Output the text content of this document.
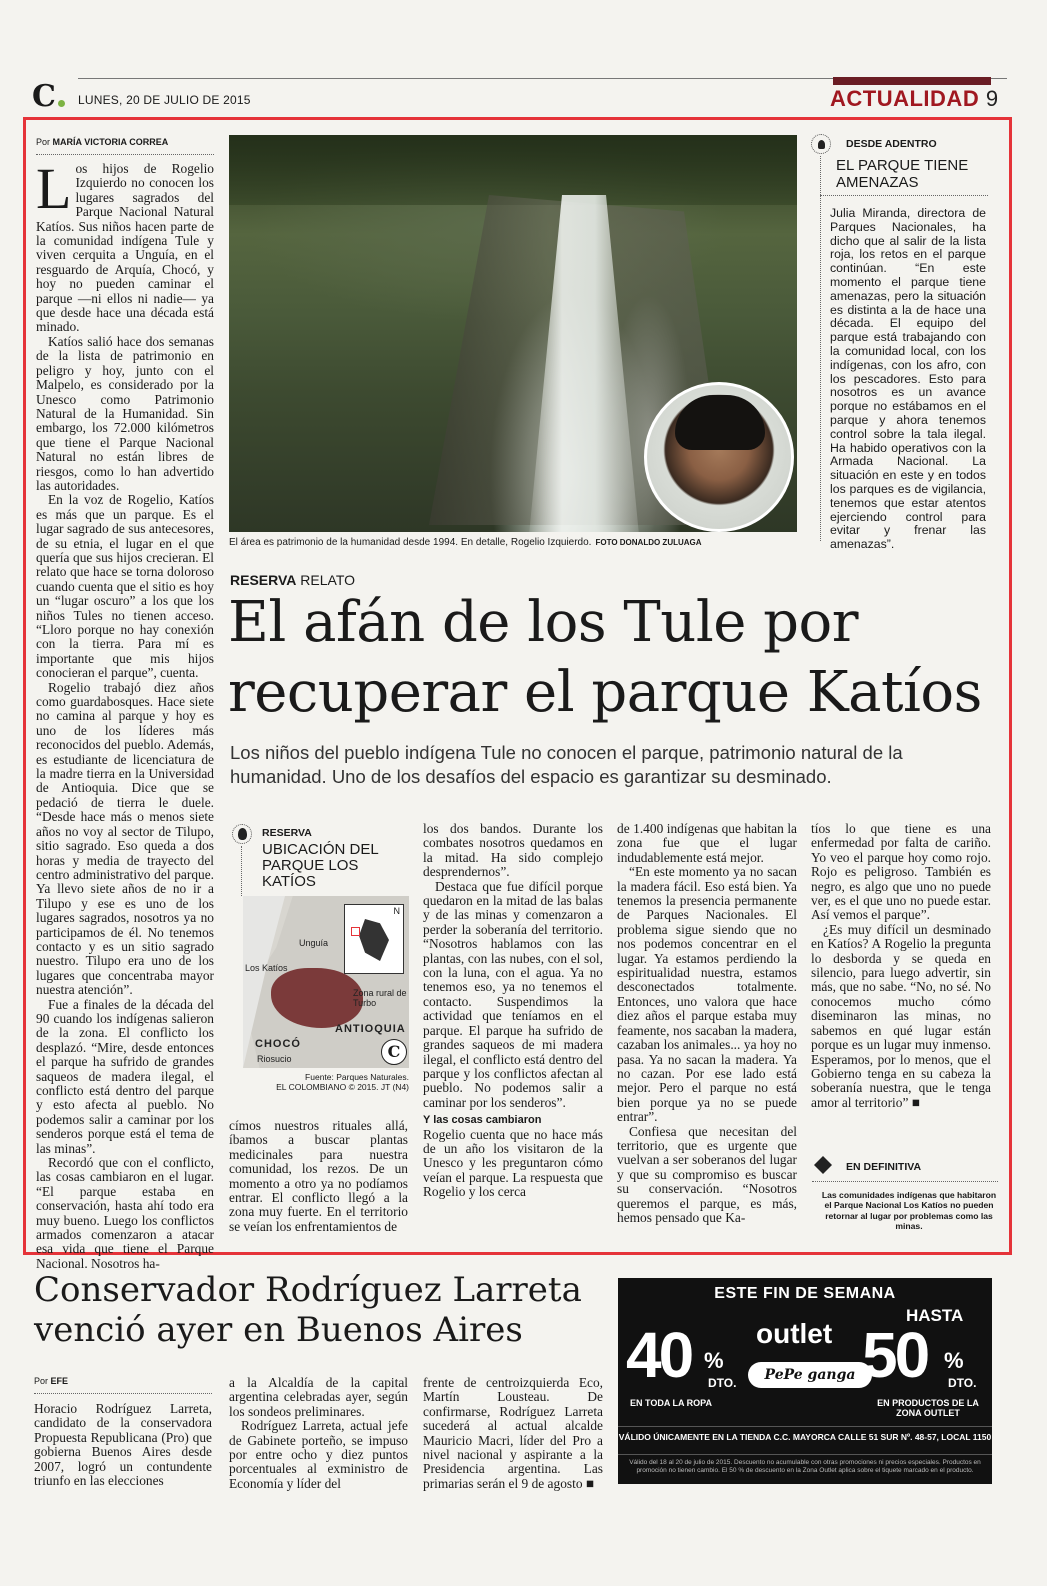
C	LUNES, 20 DE JULIO DE 2015	ACTUALIDAD 9
Por MARÍA VICTORIA CORREA
Los hijos de Rogelio Izquierdo no conocen los lugares sagrados del Parque Nacional Natural Katíos. Sus niños hacen parte de la comunidad indígena Tule y viven cerquita a Unguía, en el resguardo de Arquía, Chocó, y hoy no pueden caminar el parque —ni ellos ni nadie— ya que desde hace una década está minado.

Katíos salió hace dos semanas de la lista de patrimonio en peligro y hoy, junto con el Malpelo, es considerado por la Unesco como Patrimonio Natural de la Humanidad. Sin embargo, los 72.000 kilómetros que tiene el Parque Nacional Natural no están libres de riesgos, como lo han advertido las autoridades.

En la voz de Rogelio, Katíos es más que un parque. Es el lugar sagrado de sus antecesores, de su etnia, el lugar en el que quería que sus hijos crecieran. El relato que hace se torna doloroso cuando cuenta que el sitio es hoy un “lugar oscuro” a los que los niños Tules no tienen acceso. “Lloro porque no hay conexión con la tierra. Para mí es importante que mis hijos conocieran el parque”, cuenta.

Rogelio trabajó diez años como guardabosques. Hace siete no camina al parque y hoy es uno de los líderes más reconocidos del pueblo. Además, es estudiante de licenciatura de la madre tierra en la Universidad de Antioquia. Dice que se pedació de tierra le duele. “Desde hace más o menos siete años no voy al sector de Tilupo, sitio sagrado. Eso queda a dos horas y media de trayecto del centro administrativo del parque. Ya llevo siete años de no ir a Tilupo y ese es uno de los lugares sagrados, nosotros ya no participamos de él. No tenemos contacto y es un sitio sagrado nuestro. Tilupo era uno de los lugares que concentraba mayor nuestra atención”.

Fue a finales de la década del 90 cuando los indígenas salieron de la zona. El conflicto los desplazó. “Mire, desde entonces el parque ha sufrido de grandes saqueos de madera ilegal, el conflicto está dentro del parque y esto afecta al pueblo. No podemos salir a caminar por los senderos porque está el tema de las minas”.

Recordó que con el conflicto, las cosas cambiaron en el lugar. “El parque estaba en conservación, hasta ahí todo era muy bueno. Luego los conflictos armados comenzaron a atacar esa vida que tiene el Parque Nacional. Nosotros ha-

El área es patrimonio de la humanidad desde 1994. En detalle, Rogelio Izquierdo. FOTO DONALDO ZULUAGA
DESDE ADENTRO
EL PARQUE TIENE AMENAZAS
Julia Miranda, directora de Parques Nacionales, ha dicho que al salir de la lista roja, los retos en el parque continúan. “En este momento el parque tiene amenazas, pero la situación es distinta a la de hace una década. El equipo del parque está trabajando con la comunidad local, con los indígenas, con los afro, con los pescadores. Esto para nosotros es un avance porque no estábamos en el parque y ahora tenemos control sobre la tala ilegal. Ha habido operativos con la Armada Nacional. La situación en este y en todos los parques es de vigilancia, tenemos que estar atentos ejerciendo control para evitar y frenar las amenazas”.
RESERVA RELATO
El afán de los Tule por recuperar el parque Katíos
Los niños del pueblo indígena Tule no conocen el parque, patrimonio natural de la humanidad. Uno de los desafíos del espacio es garantizar su desminado.
RESERVA
UBICACIÓN DEL PARQUE LOS KATÍOS
N
Unguía
Los Katíos
Zona rural de Turbo
ANTIOQUIA
CHOCÓ
Riosucio	C
Fuente: Parques Naturales.
EL COLOMBIANO © 2015. JT (N4)
címos nuestros rituales allá, íbamos a buscar plantas medicinales para nuestra comunidad, los rezos. De un momento a otro ya no podíamos entrar. El conflicto llegó a la zona muy fuerte. En el territorio se veían los enfrentamientos de
los dos bandos. Durante los combates nosotros quedamos en la mitad. Ha sido complejo desprendernos”.

Destaca que fue difícil porque quedaron en la mitad de las balas y de las minas y comenzaron a perder la soberanía del territorio. “Nosotros hablamos con las plantas, con las nubes, con el sol, con la luna, con el agua. Ya no tenemos eso, ya no tenemos el contacto. Suspendimos la actividad que teníamos en el parque. El parque ha sufrido de grandes saqueos de mi madera ilegal, el conflicto está dentro del parque y los conflictos afectan al pueblo. No podemos salir a caminar por los senderos”.

Y las cosas cambiaron
Rogelio cuenta que no hace más de un año los visitaron de la Unesco y les preguntaron cómo veían el parque. La respuesta que Rogelio y los cerca
de 1.400 indígenas que habitan la zona fue que el lugar indudablemente está mejor.

“En este momento ya no sacan la madera fácil. Eso está bien. Ya tenemos la presencia permanente de Parques Nacionales. El problema sigue siendo que no nos podemos concentrar en el lugar. Ya estamos perdiendo la espiritualidad nuestra, estamos desconectados totalmente. Entonces, uno valora que hace diez años el parque estaba muy feamente, nos sacaban la madera, cazaban los animales... ya hoy no pasa. Ya no sacan la madera. Ya no cazan. Por ese lado está mejor. Pero el parque no está bien porque ya no se puede entrar”.

Confiesa que necesitan del territorio, que es urgente que vuelvan a ser soberanos del lugar y que su compromiso es buscar su conservación. “Nosotros queremos el parque, es más, hemos pensado que Ka-

tíos lo que tiene es una enfermedad por falta de cariño. Yo veo el parque hoy como rojo. Rojo es peligroso. También es negro, es algo que uno no puede ver, es el que uno no puede estar. Así vemos el parque”.

¿Es muy difícil un desminado en Katíos? A Rogelio la pregunta lo desborda y se queda en silencio, para luego advertir, sin más, que no sabe. “No, no sé. No conocemos mucho cómo diseminaron las minas, no sabemos en qué lugar están porque es un lugar muy inmenso. Esperamos, por lo menos, que el Gobierno tenga en su cabeza la soberanía nuestra, que le tenga amor al territorio” ■

EN DEFINITIVA
Las comunidades indígenas que habitaron el Parque Nacional Los Katíos no pueden retornar al lugar por problemas como las minas.
Conservador Rodríguez Larreta venció ayer en Buenos Aires
Por EFE
Horacio Rodríguez Larreta, candidato de la conservadora Propuesta Republicana (Pro) que gobierna Buenos Aires desde 2007, logró un contundente triunfo en las elecciones
a la Alcaldía de la capital argentina celebradas ayer, según los sondeos preliminares.

Rodríguez Larreta, actual jefe de Gabinete porteño, se impuso por entre ocho y diez puntos porcentuales al exministro de Economía y líder del

frente de centroizquierda Eco, Martín Lousteau. De confirmarse, Rodríguez Larreta sucederá al actual alcalde Mauricio Macri, líder del Pro a nivel nacional y aspirante a la Presidencia argentina. Las primarias serán el 9 de agosto ■
ESTE FIN DE SEMANA
HASTA
outlet
PePe ganga
40 %
DTO. 50 %
DTO.
EN TODA LA ROPA	EN PRODUCTOS DE LA ZONA OUTLET
VÁLIDO ÚNICAMENTE EN LA TIENDA C.C. MAYORCA CALLE 51 SUR Nº. 48-57, LOCAL 1150
Válido del 18 al 20 de julio de 2015. Descuento no acumulable con otras promociones ni precios especiales. Productos en promoción no tienen cambio. El 50 % de descuento en la Zona Outlet aplica sobre el tiquete marcado en el producto.
